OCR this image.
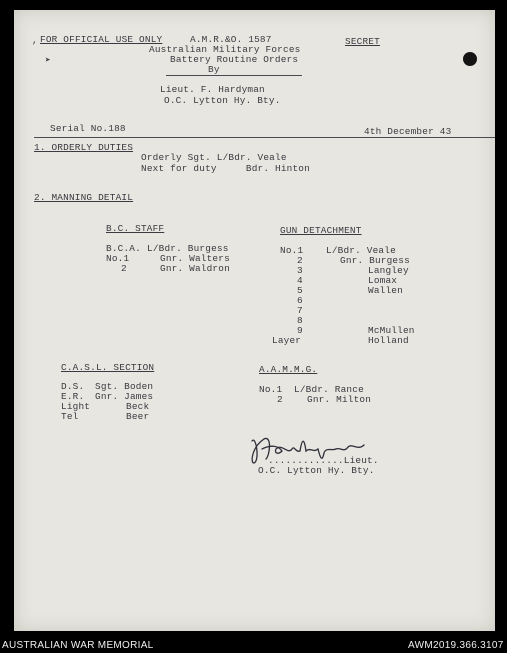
,
➤
FOR OFFICIAL USE ONLY	A.M.R.&O. 1587	SECRET
Australian Military Forces
Battery Routine Orders
By
Lieut. F. Hardyman
O.C. Lytton Hy. Bty.
Serial No.188	4th December 43
1. ORDERLY DUTIES
Orderly Sgt. L/Bdr. Veale
Next for duty     Bdr. Hinton
2. MANNING DETAIL
B.C. STAFF
B.C.A. L/Bdr. Burgess
No.1	Gnr. Walters
2	Gnr. Waldron
GUN DETACHMENT
No.1 L/Bdr. Veale
2	Gnr. Burgess
3	Langley
4	Lomax
5	Wallen
6
7
8
9	McMullen
Layer	Holland
C.A.S.L. SECTION
D.S. Sgt. Boden
E.R. Gnr. James
Light	Beck
Tel	Beer
A.A.M.M.G.
No.1 L/Bdr. Rance
2	Gnr. Milton
.............Lieut.
O.C. Lytton Hy. Bty.
AUSTRALIAN WAR MEMORIAL	AWM2019.366.3107
